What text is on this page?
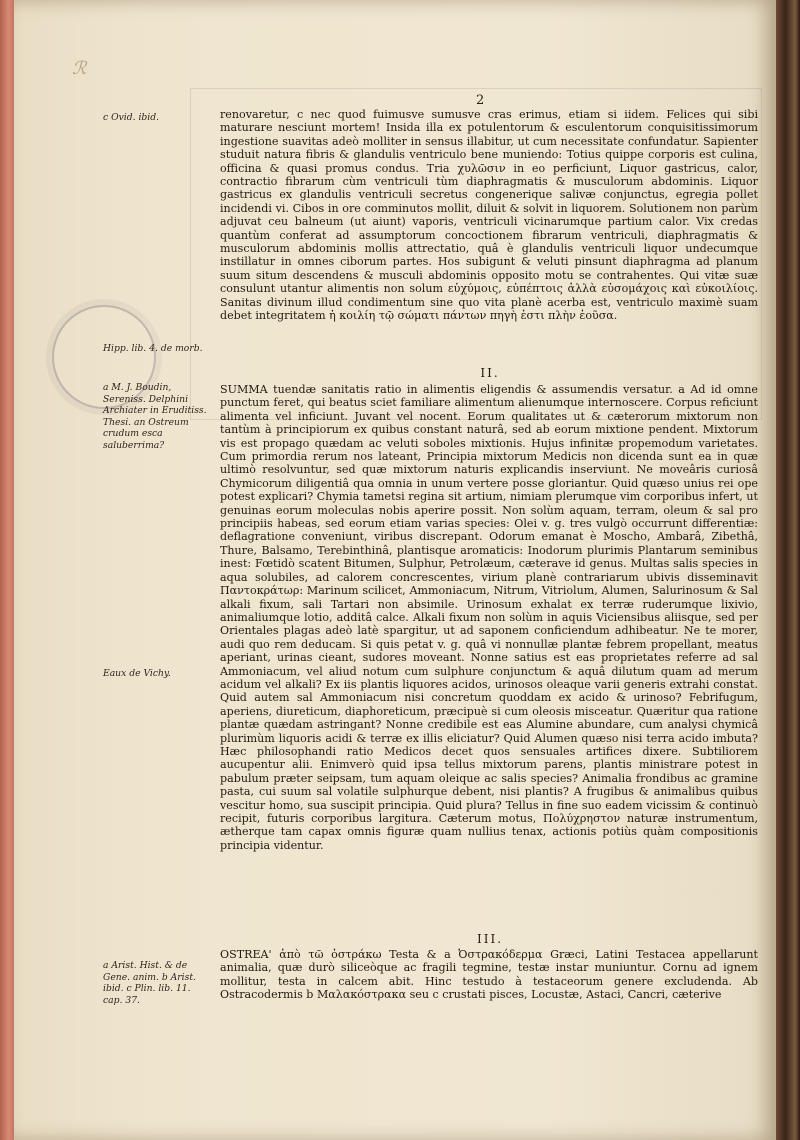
ℛ
2
c Ovid. ibid.
Hipp. lib. 4. de morb.
a M. J. Boudin, Sereniss. Delphini Archiater in Eruditiss. Thesi. an Ostreum crudum esca saluberrima?
Eaux de Vichy.
a Arist. Hist. & de Gene. anim. b Arist. ibid. c Plin. lib. 11. cap. 37.

renovaretur, c nec quod fuimusve sumusve cras erimus, etiam si iidem. Felices qui sibi maturare nesciunt mortem! Insida illa ex potulentorum & esculentorum conquisitissimorum ingestione suavitas adeò molliter in sensus illabitur, ut cum necessitate confundatur. Sapienter studuit natura fibris & glandulis ventriculo bene muniendo: Totius quippe corporis est culina, officina & quasi promus condus. Tria χυλῶσιν in eo perficiunt, Liquor gastricus, calor, contractio fibrarum cùm ventriculi tùm diaphragmatis & musculorum abdominis. Liquor gastricus ex glandulis ventriculi secretus congenerique salivæ conjunctus, egregia pollet incidendi vi. Cibos in ore comminutos mollit, diluit & solvit in liquorem. Solutionem non parùm adjuvat ceu balneum (ut aiunt) vaporis, ventriculi vicinarumque partium calor. Vix credas quantùm conferat ad assumptorum concoctionem fibrarum ventriculi, diaphragmatis & musculorum abdominis mollis attrectatio, quâ è glandulis ventriculi liquor undecumque instillatur in omnes ciborum partes. Hos subigunt & veluti pinsunt diaphragma ad planum suum situm descendens & musculi abdominis opposito motu se contrahentes. Qui vitæ suæ consulunt utantur alimentis non solum εὐχύμοις, εὐπέπτοις ἀλλὰ εὐσομάχοις καὶ εὐκοιλίοις. Sanitas divinum illud condimentum sine quo vita planè acerba est, ventriculo maximè suam debet integritatem ἡ κοιλίη τῷ σώματι πάντων πηγὴ ἐστι πλὴν ἐοῦσα.

II.

SUMMA tuendæ sanitatis ratio in alimentis eligendis & assumendis versatur. a Ad id omne punctum feret, qui beatus sciet familiare alimentum alienumque internoscere. Corpus reficiunt alimenta vel inficiunt. Juvant vel nocent. Eorum qualitates ut & cæterorum mixtorum non tantùm à principiorum ex quibus constant naturâ, sed ab eorum mixtione pendent. Mixtorum vis est propago quædam ac veluti soboles mixtionis. Hujus infinitæ propemodum varietates. Cum primordia rerum nos lateant, Principia mixtorum Medicis non dicenda sunt ea in quæ ultimò resolvuntur, sed quæ mixtorum naturis explicandis inserviunt. Ne moveâris curiosâ Chymicorum diligentiâ qua omnia in unum vertere posse gloriantur. Quid quæso unius rei ope potest explicari? Chymia tametsi regina sit artium, nimiam plerumque vim corporibus infert, ut genuinas eorum moleculas nobis aperire possit. Non solùm aquam, terram, oleum & sal pro principiis habeas, sed eorum etiam varias species: Olei v. g. tres vulgò occurrunt differentiæ: deflagratione conveniunt, viribus discrepant. Odorum emanat è Moscho, Ambarâ, Zibethâ, Thure, Balsamo, Terebinthinâ, plantisque aromaticis: Inodorum plurimis Plantarum seminibus inest: Fœtidò scatent Bitumen, Sulphur, Petrolæum, cæterave id genus. Multas salis species in aqua solubiles, ad calorem concrescentes, virium planè contrariarum ubivis disseminavit Παντοκράτωρ: Marinum scilicet, Ammoniacum, Nitrum, Vitriolum, Alumen, Salurinosum & Sal alkali fixum, sali Tartari non absimile. Urinosum exhalat ex terræ ruderumque lixivio, animaliumque lotio, additâ calce. Alkali fixum non solùm in aquis Viciensibus aliisque, sed per Orientales plagas adeò latè spargitur, ut ad saponem conficiendum adhibeatur. Ne te morer, audi quo rem deducam. Si quis petat v. g. quâ vi nonnullæ plantæ febrem propellant, meatus aperiant, urinas cieant, sudores moveant. Nonne satius est eas proprietates referre ad sal Ammoniacum, vel aliud notum cum sulphure conjunctum & aquâ dilutum quam ad merum acidum vel alkali? Ex iis plantis liquores acidos, urinosos oleaque varii generis extrahi constat. Quid autem sal Ammoniacum nisi concretum quoddam ex acido & urinoso? Febrifugum, aperiens, diureticum, diaphoreticum, præcipuè si cum oleosis misceatur. Quæritur qua ratione plantæ quædam astringant? Nonne credibile est eas Alumine abundare, cum analysi chymicâ plurimùm liquoris acidi & terræ ex illis eliciatur? Quid Alumen quæso nisi terra acido imbuta? Hæc philosophandi ratio Medicos decet quos sensuales artifices dixere. Subtiliorem aucupentur alii. Enimverò quid ipsa tellus mixtorum parens, plantis ministrare potest in pabulum præter seipsam, tum aquam oleique ac salis species? Animalia frondibus ac gramine pasta, cui suum sal volatile sulphurque debent, nisi plantis? A frugibus & animalibus quibus vescitur homo, sua suscipit principia. Quid plura? Tellus in fine suo eadem vicissim & continuò recipit, futuris corporibus largitura. Cæterum motus, Πολύχρηστον naturæ instrumentum, ætherque tam capax omnis figuræ quam nullius tenax, actionis potiùs quàm compositionis principia videntur.

III.

OSTREA' ἀπὸ τῶ ὀστράκω Testa & a Ὀστρακόδερμα Græci, Latini Testacea appellarunt animalia, quæ durò siliceòque ac fragili tegmine, testæ instar muniuntur. Cornu ad ignem mollitur, testa in calcem abit. Hinc testudo à testaceorum genere excludenda. Ab Ostracodermis b Μαλακόστρακα seu c crustati pisces, Locustæ, Astaci, Cancri, cæterive
